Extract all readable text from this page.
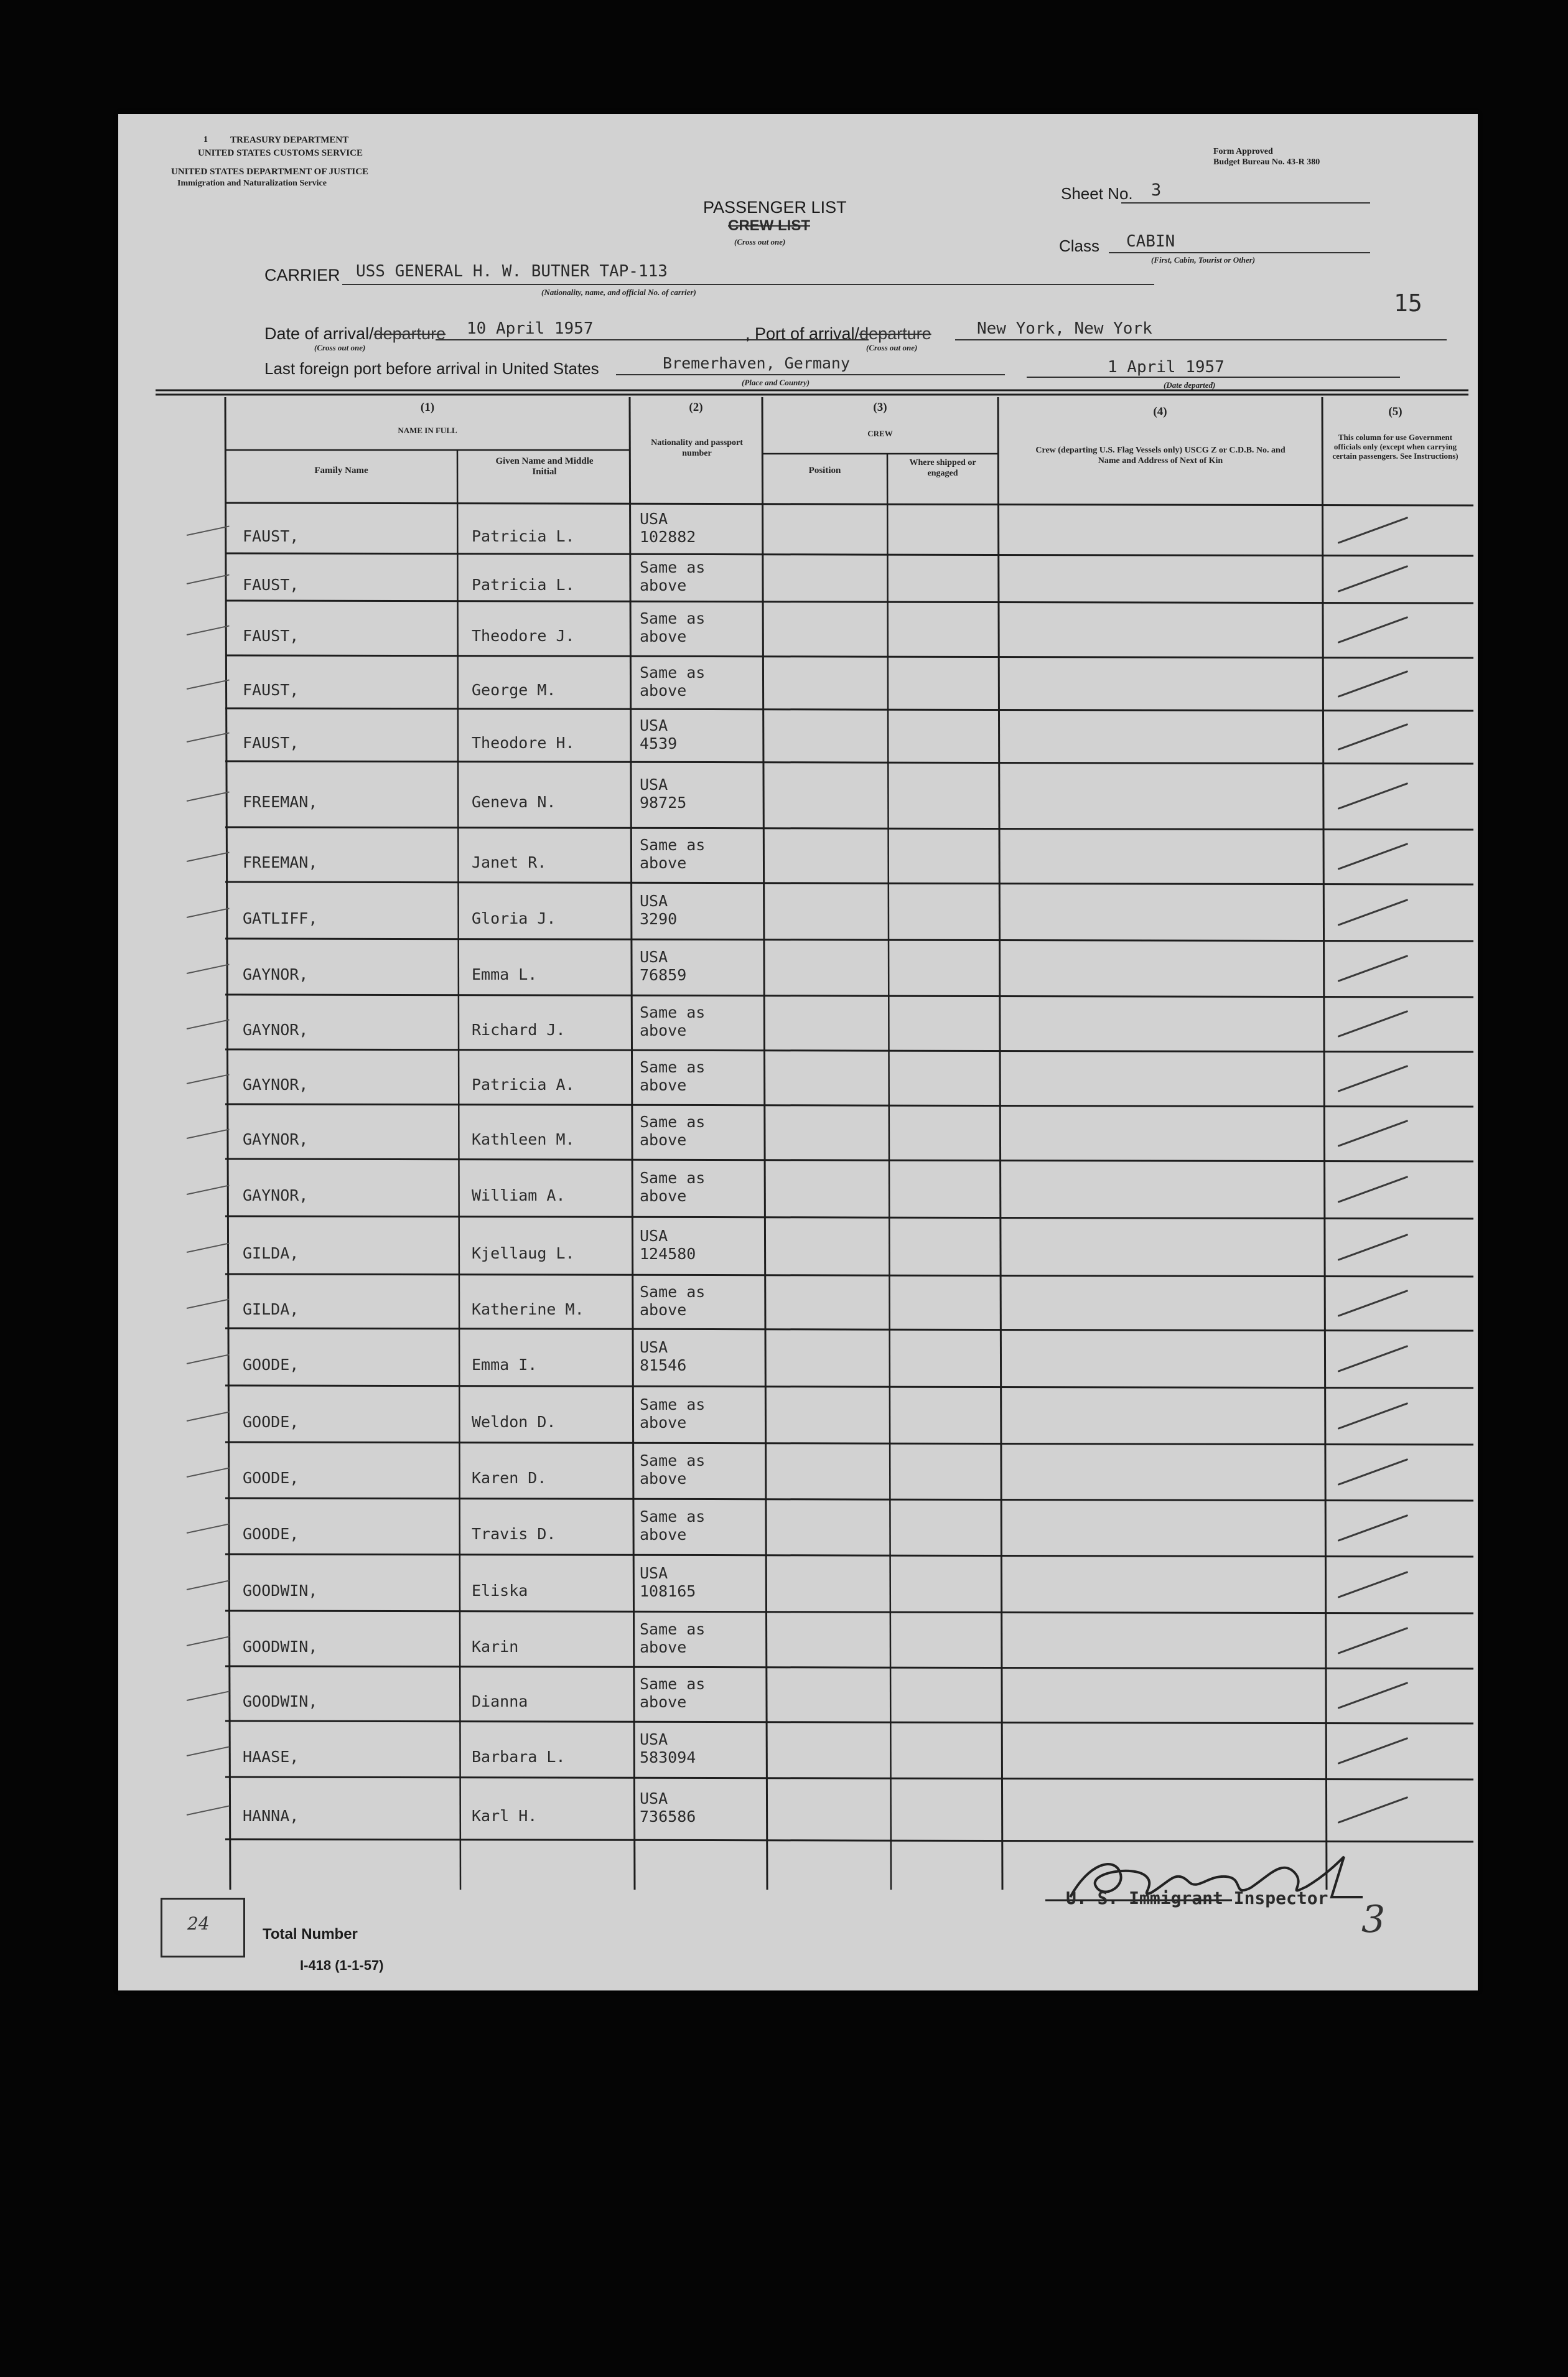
1 TREASURY DEPARTMENT
UNITED STATES CUSTOMS SERVICE
UNITED STATES DEPARTMENT OF JUSTICE
Immigration and Naturalization Service
Form Approved
Budget Bureau No. 43-R 380
PASSENGER LIST
CREW LIST
(Cross out one)
Sheet No. 3
Class CABIN
(First, Cabin, Tourist or Other)
15
CARRIER USS GENERAL H. W. BUTNER TAP-113
(Nationality, name, and official No. of carrier)
Date of arrival/departure 10 April 1957
(Cross out one)
, Port of arrival/departure	New York, New York
(Cross out one)
Last foreign port before arrival in United States	Bremerhaven, Germany
(Place and Country)
1 April 1957
(Date departed)
(1)
NAME IN FULL
Family Name
Given Name and Middle Initial
(2)
Nationality and passport number
(3)
CREW
Position
Where shipped or engaged
(4)
Crew (departing U.S. Flag Vessels only) USCG Z or C.D.B. No. and Name and Address of Next of Kin
(5)
This column for use Government officials only (except when carrying certain passengers. See Instructions)
FAUST,	Patricia L.
USA
102882
FAUST,	Patricia L.
Same as
above
FAUST,	Theodore J.
Same as
above
FAUST,	George M.
Same as
above
FAUST,	Theodore H.
USA
4539
FREEMAN,	Geneva N.
USA
98725
FREEMAN,	Janet R.
Same as
above
GATLIFF,	Gloria J.
USA
3290
GAYNOR,	Emma L.
USA
76859
GAYNOR,	Richard J.
Same as
above
GAYNOR,	Patricia A.
Same as
above
GAYNOR,	Kathleen M.
Same as
above
GAYNOR,	William A.
Same as
above
GILDA,	Kjellaug L.
USA
124580
GILDA,	Katherine M.
Same as
above
GOODE,	Emma I.
USA
81546
GOODE,	Weldon D.
Same as
above
GOODE,	Karen D.
Same as
above
GOODE,	Travis D.
Same as
above
GOODWIN,	Eliska
USA
108165
GOODWIN,	Karin
Same as
above
GOODWIN,	Dianna
Same as
above
HAASE,	Barbara L.
USA
583094
HANNA,	Karl H.
USA
736586
24
Total Number
I-418 (1-1-57)
U. S. Immigrant Inspector 3
